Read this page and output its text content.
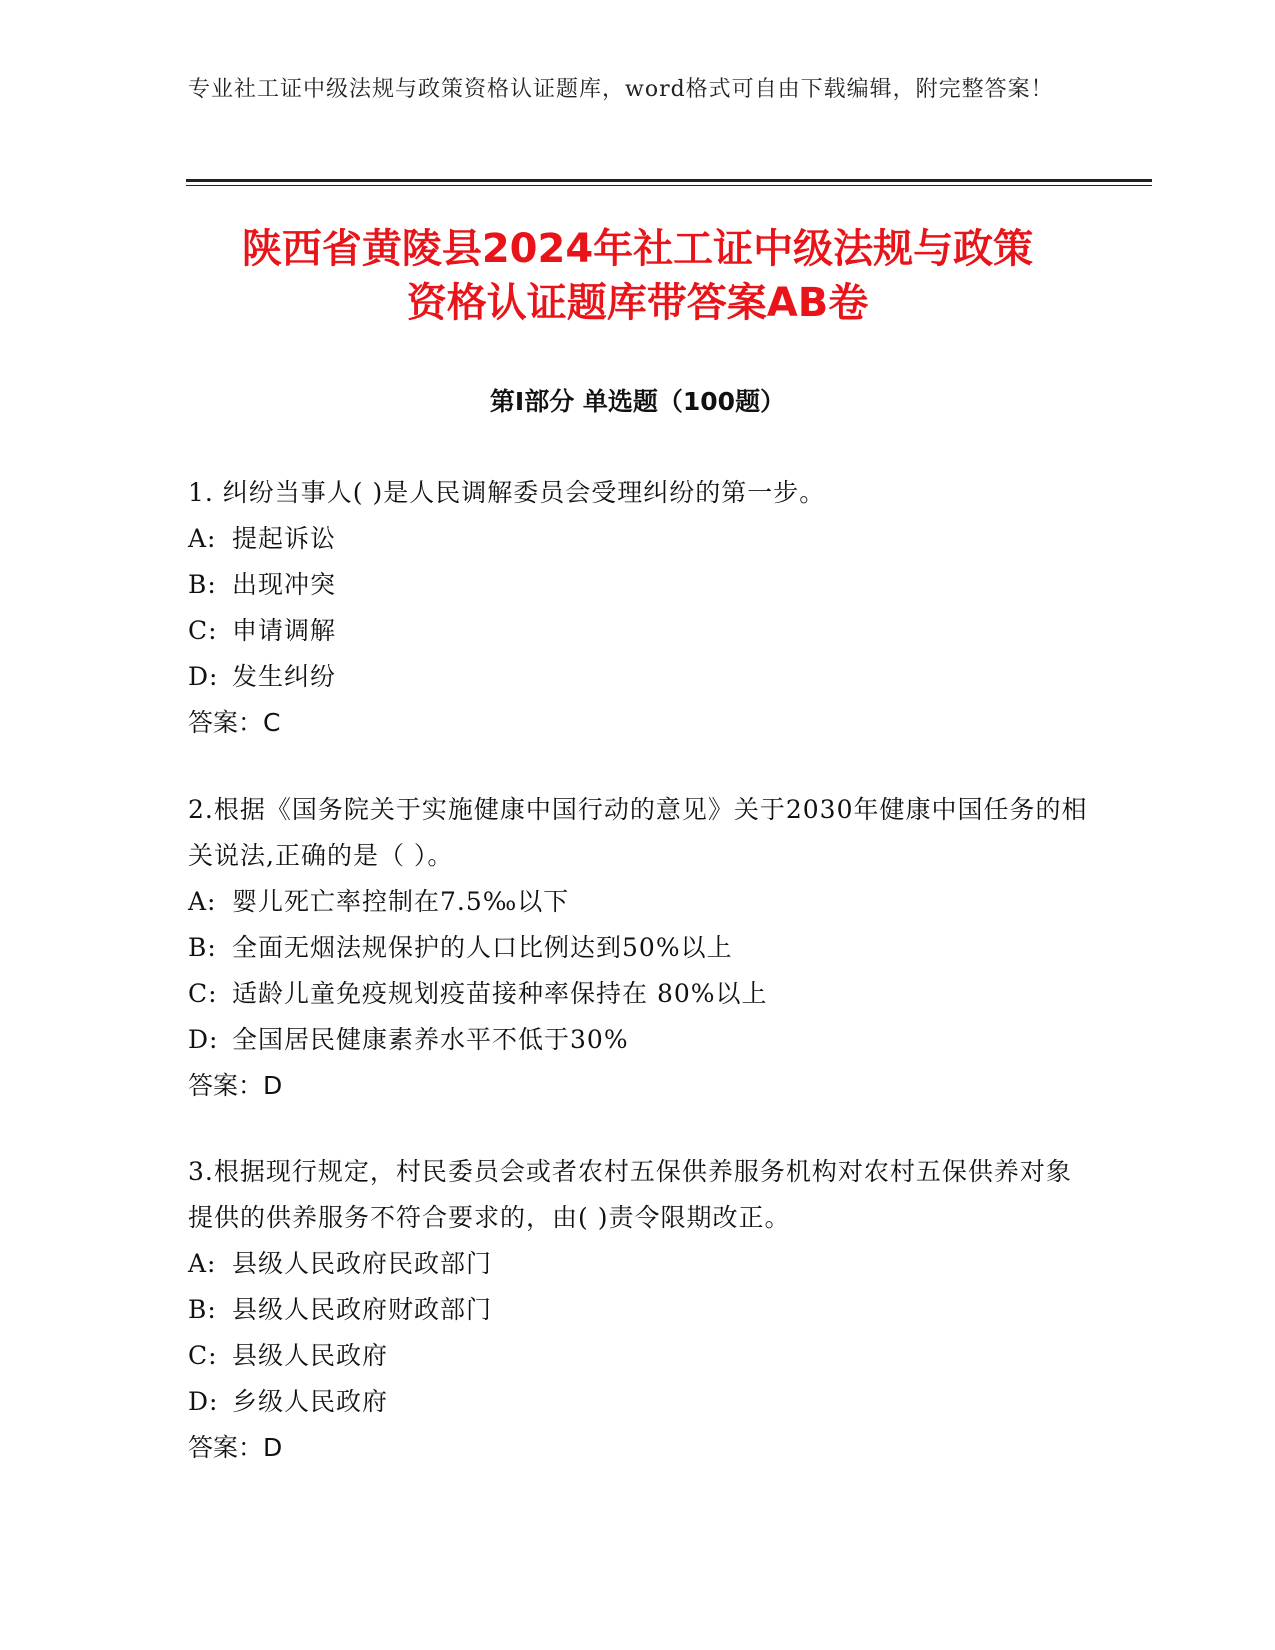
专业社工证中级法规与政策资格认证题库，word格式可自由下载编辑，附完整答案！
陕西省黄陵县2024年社工证中级法规与政策
资格认证题库带答案AB卷
第I部分 单选题（100题）

1. 纠纷当事人( )是人民调解委员会受理纠纷的第一步。

A: 提起诉讼

B: 出现冲突

C: 申请调解

D: 发生纠纷

答案：C

2.根据《国务院关于实施健康中国行动的意见》关于2030年健康中国任务的相关说法,正确的是（ ）。

A: 婴儿死亡率控制在7.5‰以下

B: 全面无烟法规保护的人口比例达到50%以上

C: 适龄儿童免疫规划疫苗接种率保持在 80%以上

D: 全国居民健康素养水平不低于30%

答案：D

3.根据现行规定，村民委员会或者农村五保供养服务机构对农村五保供养对象提供的供养服务不符合要求的，由( )责令限期改正。

A: 县级人民政府民政部门

B: 县级人民政府财政部门

C: 县级人民政府

D: 乡级人民政府

答案：D
